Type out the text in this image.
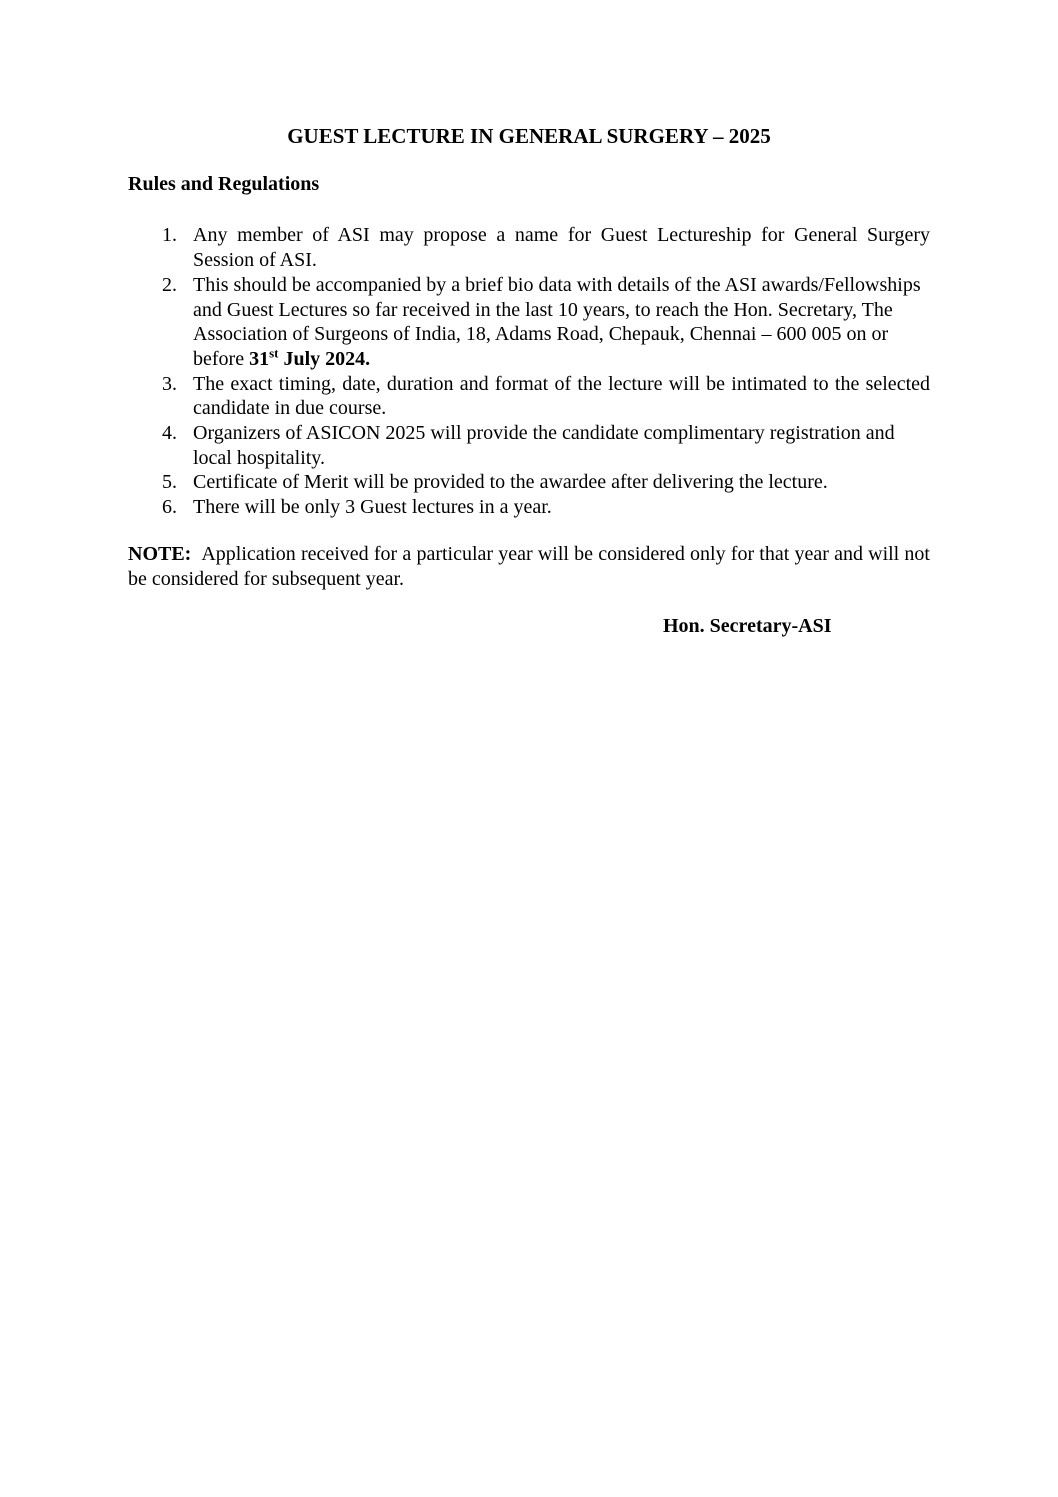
GUEST LECTURE IN GENERAL SURGERY – 2025
Rules and Regulations
1. Any member of ASI may propose a name for Guest Lectureship for General Surgery Session of ASI.
2. This should be accompanied by a brief bio data with details of the ASI awards/Fellowships and Guest Lectures so far received in the last 10 years, to reach the Hon. Secretary, The Association of Surgeons of India, 18, Adams Road, Chepauk, Chennai – 600 005 on or before 31st July 2024.
3. The exact timing, date, duration and format of the lecture will be intimated to the selected candidate in due course.
4. Organizers of ASICON 2025 will provide the candidate complimentary registration and local hospitality.
5. Certificate of Merit will be provided to the awardee after delivering the lecture.
6. There will be only 3 Guest lectures in a year.

NOTE: Application received for a particular year will be considered only for that year and will not be considered for subsequent year.

Hon. Secretary-ASI
